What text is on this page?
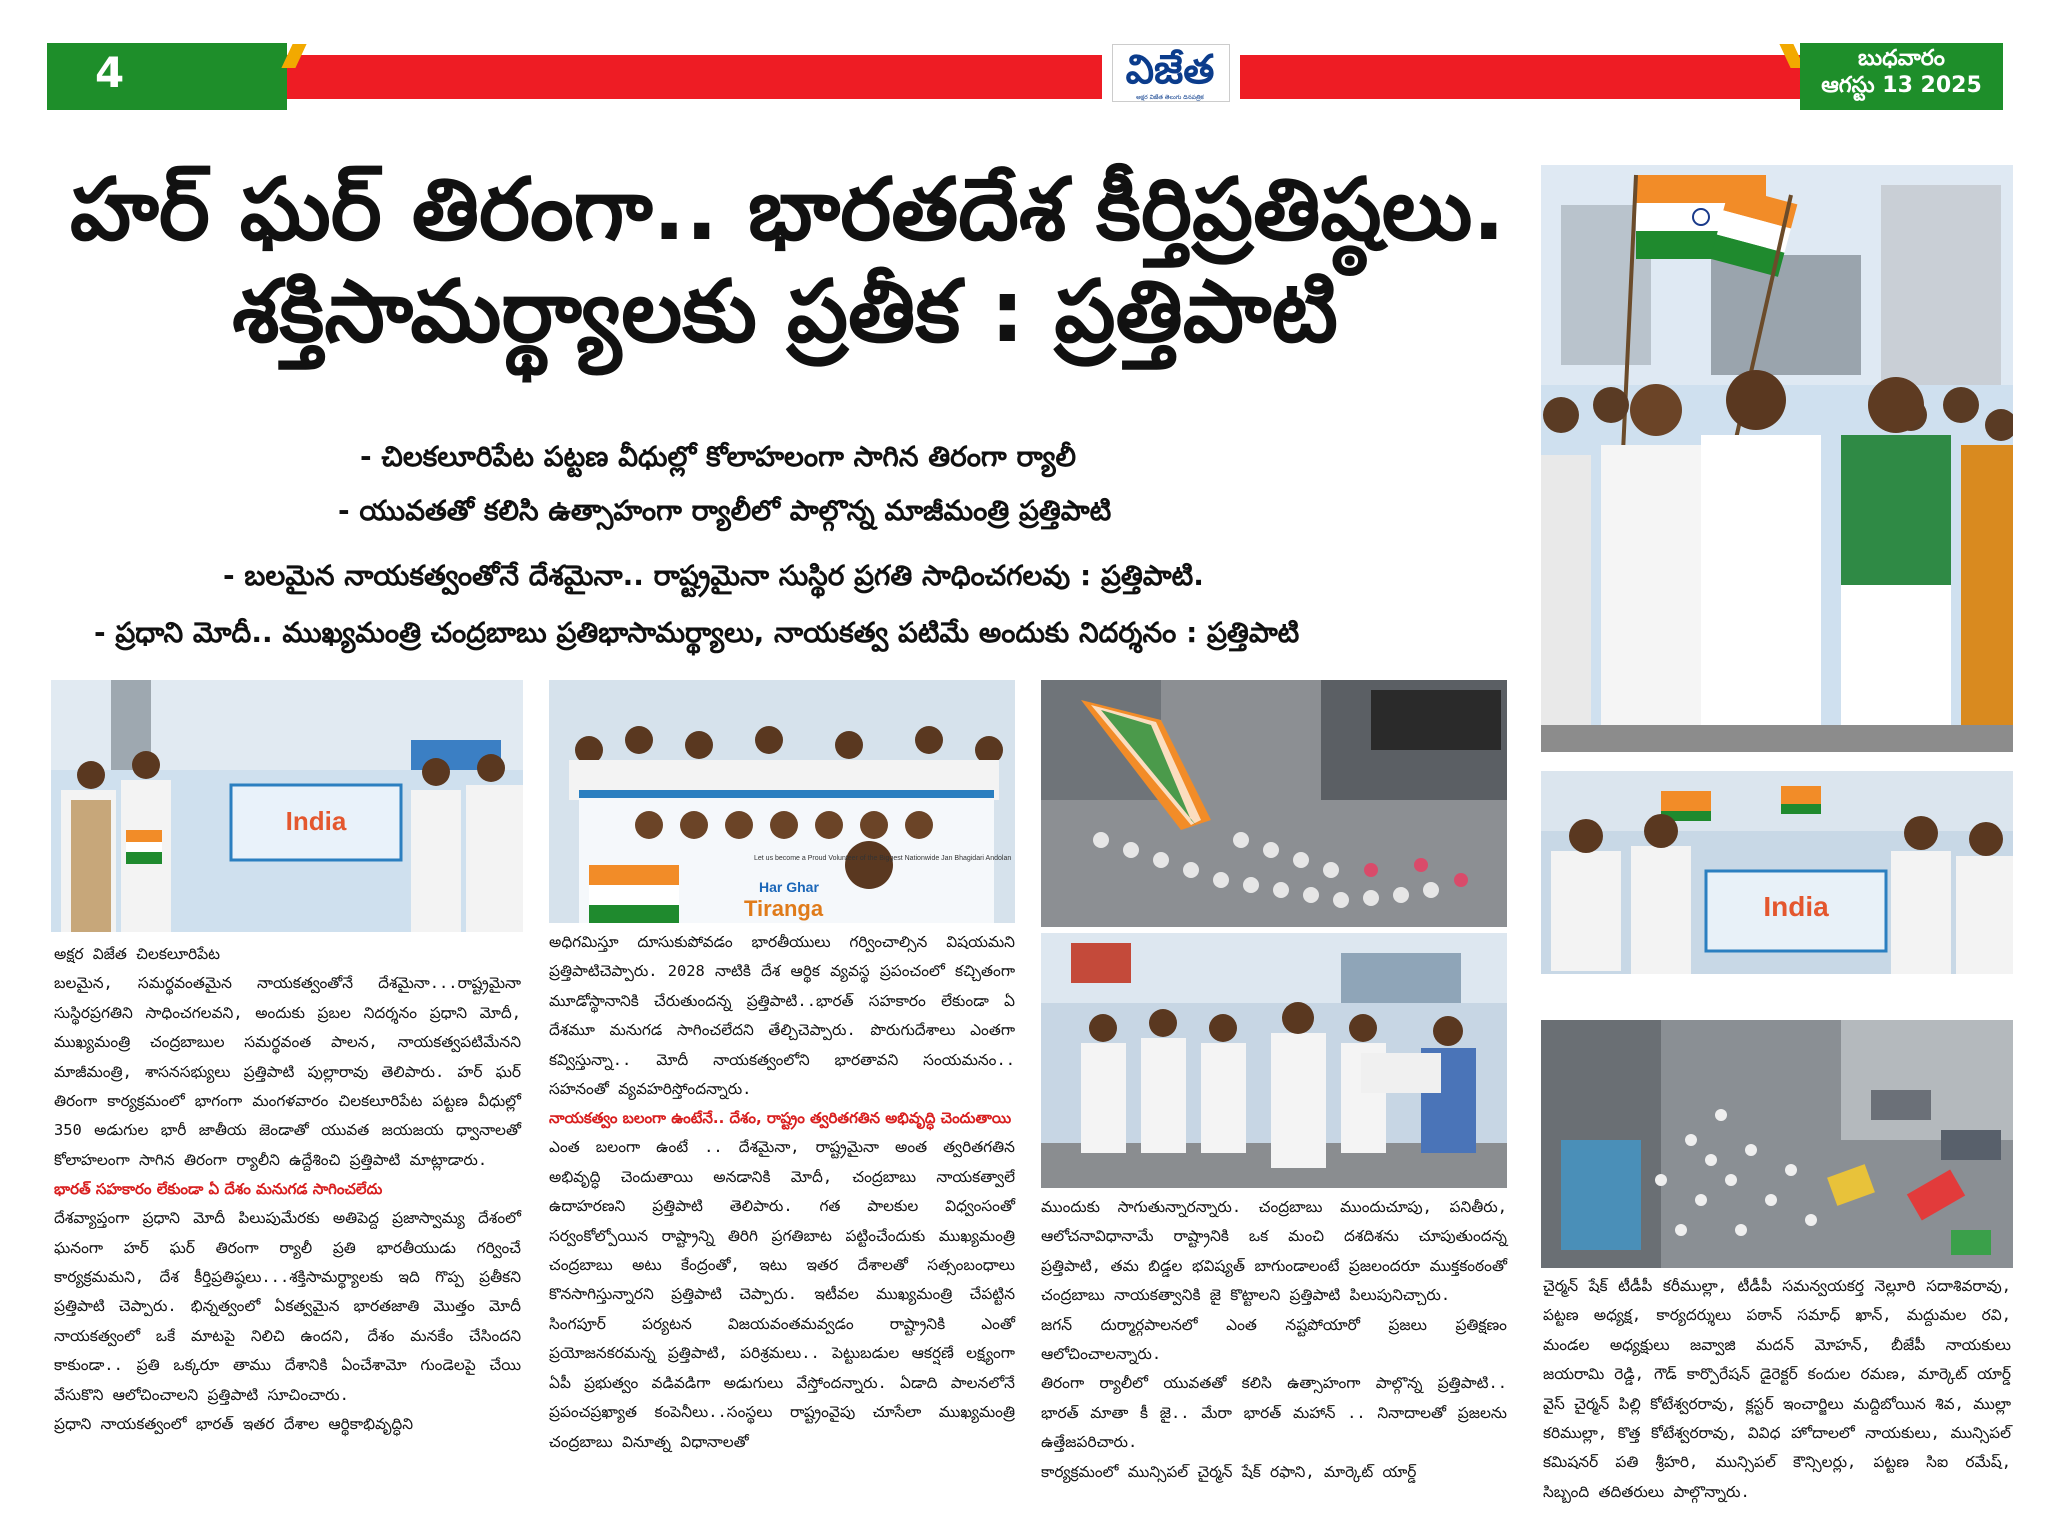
4	విజేత
అక్షర విజేత తెలుగు దినపత్రిక
బుధవారం
ఆగస్టు 13 2025
హర్ ఘర్ తిరంగా.. భారతదేశ కీర్తిప్రతిష్ఠలు.
శక్తిసామర్థ్యాలకు ప్రతీక : ప్రత్తిపాటి
- చిలకలూరిపేట పట్టణ వీధుల్లో కోలాహలంగా సాగిన తిరంగా ర్యాలీ
- యువతతో కలిసి ఉత్సాహంగా ర్యాలీలో పాల్గొన్న మాజీమంత్రి ప్రత్తిపాటి
- బలమైన నాయకత్వంతోనే దేశమైనా.. రాష్ట్రమైనా సుస్థిర ప్రగతి సాధించగలవు : ప్రత్తిపాటి.
- ప్రధాని మోదీ.. ముఖ్యమంత్రి చంద్రబాబు ప్రతిభాసామర్థ్యాలు, నాయకత్వ పటిమే అందుకు నిదర్శనం : ప్రత్తిపాటి
India
India
Let us become a Proud Volunteer of the Biggest Nationwide Jan Bhagidari Andolan
Har Ghar
Tiranga

అక్షర విజేత చిలకలూరిపేట

బలమైన, సమర్థవంతమైన నాయకత్వంతోనే దేశమైనా...రాష్ట్రమైనా సుస్థిరప్రగతిని సాధించగలవని, అందుకు ప్రబల నిదర్శనం ప్రధాని మోదీ, ముఖ్యమంత్రి చంద్రబాబుల సమర్థవంత పాలన, నాయకత్వపటిమేనని మాజీమంత్రి, శాసనసభ్యులు ప్రత్తిపాటి పుల్లారావు తెలిపారు. హర్ ఘర్ తిరంగా కార్యక్రమంలో భాగంగా మంగళవారం చిలకలూరిపేట పట్టణ వీధుల్లో 350 అడుగుల భారీ జాతీయ జెండాతో యువత జయజయ ధ్వానాలతో కోలాహలంగా సాగిన తిరంగా ర్యాలీని ఉద్దేశించి ప్రత్తిపాటి మాట్లాడారు.

భారత్ సహకారం లేకుండా ఏ దేశం మనుగడ సాగించలేదు

దేశవ్యాప్తంగా ప్రధాని మోదీ పిలుపుమేరకు అతిపెద్ద ప్రజాస్వామ్య దేశంలో ఘనంగా హర్ ఘర్ తిరంగా ర్యాలీ ప్రతి భారతీయుడు గర్వించే కార్యక్రమమని, దేశ కీర్తిప్రతిష్ఠలు...శక్తిసామర్థ్యాలకు ఇది గొప్ప ప్రతీకని ప్రత్తిపాటి చెప్పారు. భిన్నత్వంలో ఏకత్వమైన భారతజాతి మొత్తం మోదీ నాయకత్వంలో ఒకే మాటపై నిలిచి ఉందని, దేశం మనకేం చేసిందని కాకుండా.. ప్రతి ఒక్కరూ తాము దేశానికి ఏంచేశామో గుండెలపై చేయి వేసుకొని ఆలోచించాలని ప్రత్తిపాటి సూచించారు.

ప్రధాని నాయకత్వంలో భారత్ ఇతర దేశాల ఆర్థికాభివృద్ధిని

అధిగమిస్తూ దూసుకుపోవడం భారతీయులు గర్వించాల్సిన విషయమని ప్రత్తిపాటిచెప్పారు. 2028 నాటికి దేశ ఆర్థిక వ్యవస్థ ప్రపంచంలో కచ్చితంగా మూడోస్థానానికి చేరుతుందన్న ప్రత్తిపాటి..భారత్ సహకారం లేకుండా ఏ దేశమూ మనుగడ సాగించలేదని తేల్చిచెప్పారు. పొరుగుదేశాలు ఎంతగా కవ్విస్తున్నా.. మోదీ నాయకత్వంలోని భారతావని సంయమనం.. సహనంతో వ్యవహరిస్తోందన్నారు.

నాయకత్వం బలంగా ఉంటేనే.. దేశం, రాష్ట్రం త్వరితగతిన అభివృద్ధి చెందుతాయి

ఎంత బలంగా ఉంటే .. దేశమైనా, రాష్ట్రమైనా అంత త్వరితగతిన అభివృద్ధి చెందుతాయి అనడానికి మోదీ, చంద్రబాబు నాయకత్వాలే ఉదాహరణని ప్రత్తిపాటి తెలిపారు. గత పాలకుల విధ్వంసంతో సర్వంకోల్పోయిన రాష్ట్రాన్ని తిరిగి ప్రగతిబాట పట్టించేందుకు ముఖ్యమంత్రి చంద్రబాబు అటు కేంద్రంతో, ఇటు ఇతర దేశాలతో సత్సంబంధాలు కొనసాగిస్తున్నారని ప్రత్తిపాటి చెప్పారు. ఇటీవల ముఖ్యమంత్రి చేపట్టిన సింగపూర్ పర్యటన విజయవంతమవ్వడం రాష్ట్రానికి ఎంతో ప్రయోజనకరమన్న ప్రత్తిపాటి, పరిశ్రమలు.. పెట్టుబడుల ఆకర్షణే లక్ష్యంగా ఏపీ ప్రభుత్వం వడివడిగా అడుగులు వేస్తోందన్నారు. ఏడాది పాలనలోనే ప్రపంచప్రఖ్యాత కంపెనీలు..సంస్థలు రాష్ట్రంవైపు చూసేలా ముఖ్యమంత్రి చంద్రబాబు వినూత్న విధానాలతో

ముందుకు సాగుతున్నారన్నారు. చంద్రబాబు ముందుచూపు, పనితీరు, ఆలోచనావిధానామే రాష్ట్రానికి ఒక మంచి దశదిశను చూపుతుందన్న ప్రత్తిపాటి, తమ బిడ్డల భవిష్యత్ బాగుండాలంటే ప్రజలందరూ ముక్తకంఠంతో చంద్రబాబు నాయకత్వానికి జై కొట్టాలని ప్రత్తిపాటి పిలుపునిచ్చారు.

జగన్ దుర్మార్గపాలనలో ఎంత నష్టపోయారో ప్రజలు ప్రతిక్షణం ఆలోచించాలన్నారు.

తిరంగా ర్యాలీలో యువతతో కలిసి ఉత్సాహంగా పాల్గొన్న ప్రత్తిపాటి.. భారత్ మాతా కీ జై.. మేరా భారత్ మహాన్ .. నినాదాలతో ప్రజలను ఉత్తేజపరిచారు.

కార్యక్రమంలో మున్సిపల్ చైర్మన్ షేక్ రఫాని, మార్కెట్ యార్డ్

చైర్మన్ షేక్ టీడీపీ కరీముల్లా, టీడీపీ సమన్వయకర్త నెల్లూరి సదాశివరావు, పట్టణ అధ్యక్ష, కార్యదర్శులు పఠాన్ సమాధ్ ఖాన్, మద్దుమల రవి, మండల అధ్యక్షులు జవ్వాజి మదన్ మోహన్, బీజేపీ నాయకులు జయరామి రెడ్డి, గౌడ్ కార్పొరేషన్ డైరెక్టర్ కందుల రమణ, మార్కెట్ యార్డ్ వైస్ చైర్మన్ పిల్లి కోటేశ్వరరావు, క్లస్టర్ ఇంచార్జిలు మద్దిబోయిన శివ, ముల్లా కరిముల్లా, కొత్త కోటేశ్వరరావు, వివిధ హోదాలలో నాయకులు, మున్సిపల్ కమిషనర్ పతి శ్రీహరి, మున్సిపల్ కౌన్సిలర్లు, పట్టణ సిఐ రమేష్, సిబ్బంది తదితరులు పాల్గొన్నారు.
